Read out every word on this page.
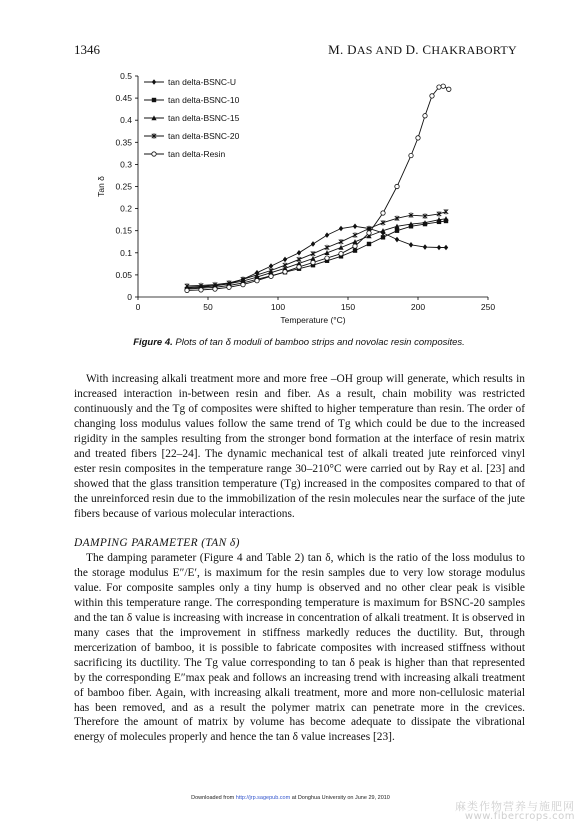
1346	M. DAS AND D. CHAKRABORTY
0
0.05
0.1
0.15
0.2
0.25
0.3
0.35
0.4
0.45
0.5
0	50	100	150	200	250
Temperature (°C)
Tan δ
tan delta-BSNC-U
tan delta-BSNC-10
tan delta-BSNC-15
tan delta-BSNC-20
tan delta-Resin
Figure 4. Plots of tan δ moduli of bamboo strips and novolac resin composites.

With increasing alkali treatment more and more free –OH group will generate, which results in increased interaction in-between resin and fiber. As a result, chain mobility was restricted continuously and the Tg of composites were shifted to higher temperature than resin. The order of changing loss modulus values follow the same trend of Tg which could be due to the increased rigidity in the samples resulting from the stronger bond formation at the interface of resin matrix and treated fibers [22–24]. The dynamic mechanical test of alkali treated jute reinforced vinyl ester resin composites in the temperature range 30–210°C were carried out by Ray et al. [23] and showed that the glass transition temperature (Tg) increased in the composites compared to that of the unreinforced resin due to the immobilization of the resin molecules near the surface of the jute fibers because of various molecular interactions.

DAMPING PARAMETER (TAN δ)

The damping parameter (Figure 4 and Table 2) tan δ, which is the ratio of the loss modulus to the storage modulus E″/E′, is maximum for the resin samples due to very low storage modulus value. For composite samples only a tiny hump is observed and no other clear peak is visible within this temperature range. The corresponding temperature is maximum for BSNC-20 samples and the tan δ value is increasing with increase in concentration of alkali treatment. It is observed in many cases that the improvement in stiffness markedly reduces the ductility. But, through mercerization of bamboo, it is possible to fabricate composites with increased stiffness without sacrificing its ductility. The Tg value corresponding to tan δ peak is higher than that represented by the corresponding E″max peak and follows an increasing trend with increasing alkali treatment of bamboo fiber. Again, with increasing alkali treatment, more and more non-cellulosic material has been removed, and as a result the polymer matrix can penetrate more in the crevices. Therefore the amount of matrix by volume has become adequate to dissipate the vibrational energy of molecules properly and hence the tan δ value increases [23].

Downloaded from http://jrp.sagepub.com at Donghua University on June 29, 2010
麻类作物营养与施肥网
www.fibercrops.com
